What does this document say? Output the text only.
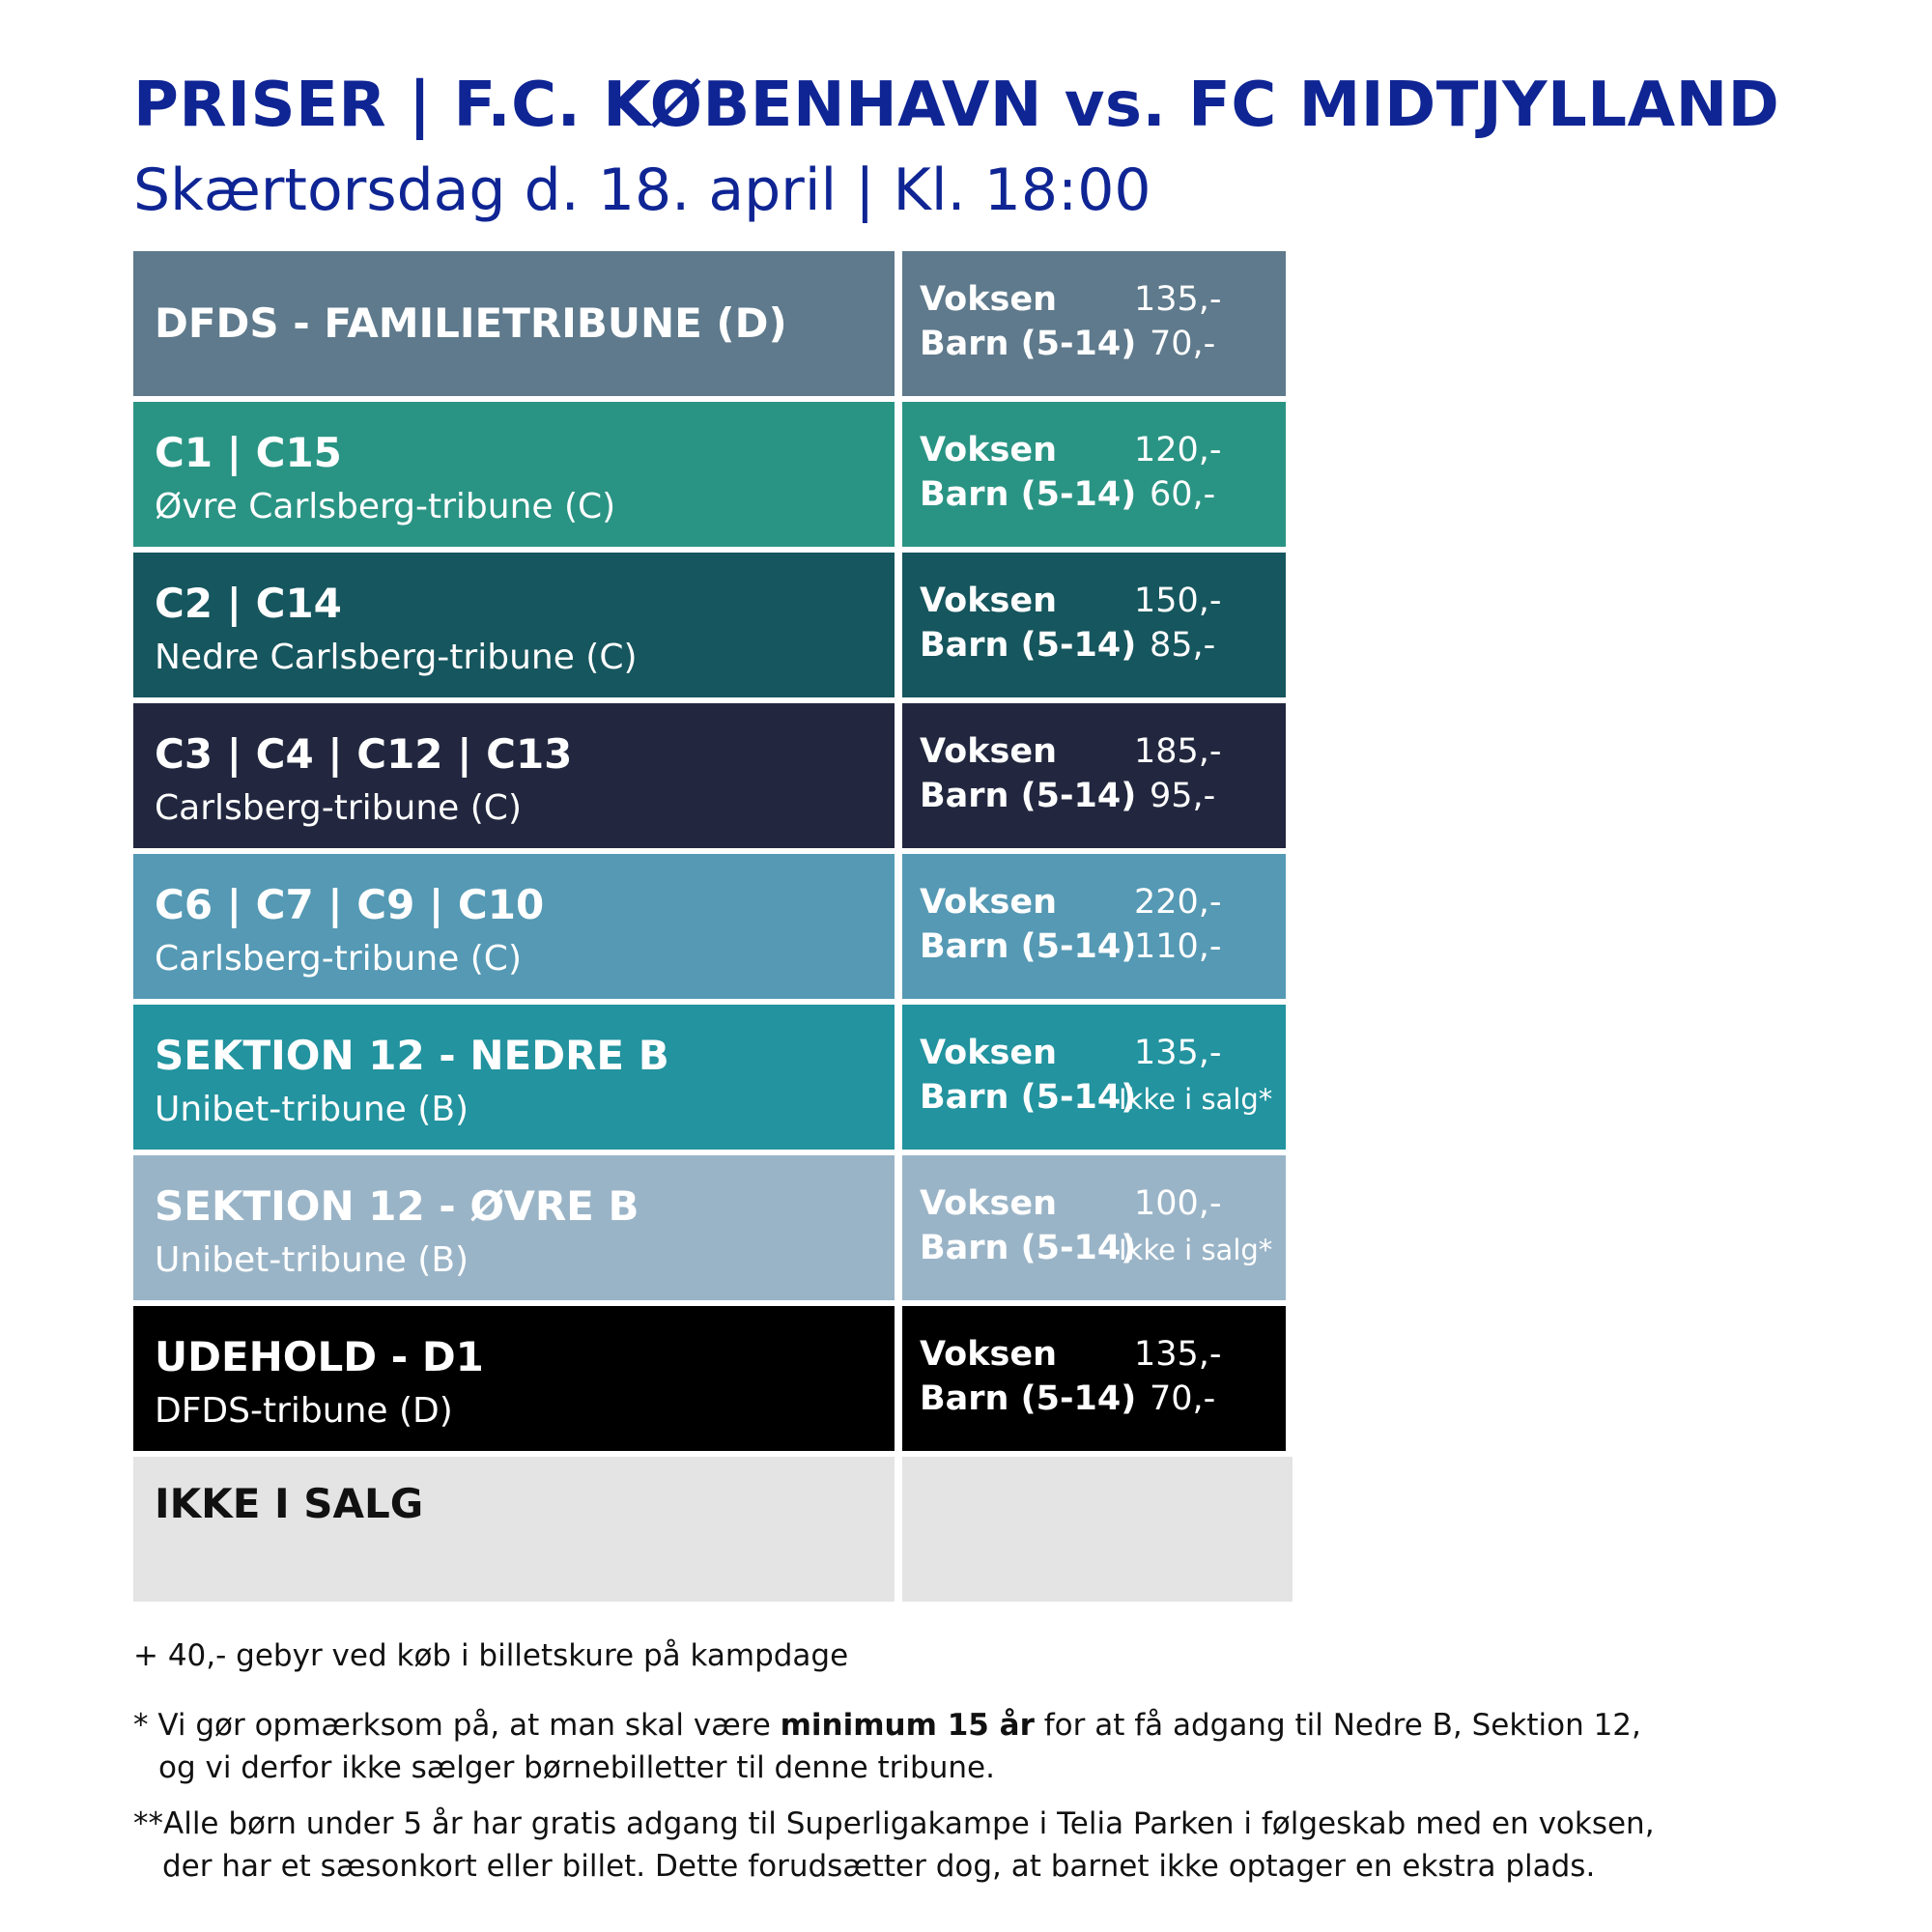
PRISER | F.C. KØBENHAVN vs. FC MIDTJYLLAND
Skærtorsdag d. 18. april | Kl. 18:00
DFDS - FAMILIETRIBUNE (D)	Voksen 135,-
Barn (5-14) 70,-
C1 | C15
Øvre Carlsberg-tribune (C)
Voksen 120,-
Barn (5-14) 60,-
C2 | C14
Nedre Carlsberg-tribune (C)
Voksen 150,-
Barn (5-14) 85,-
C3 | C4 | C12 | C13
Carlsberg-tribune (C)
Voksen 185,-
Barn (5-14) 95,-
C6 | C7 | C9 | C10
Carlsberg-tribune (C)
Voksen 220,-
Barn (5-14)
110,-
SEKTION 12 - NEDRE B
Unibet-tribune (B)
Voksen 135,-
Barn (5-14)
Ikke i salg*
SEKTION 12 - ØVRE B
Unibet-tribune (B)
Voksen 100,-
Barn (5-14)
Ikke i salg*
UDEHOLD - D1
DFDS-tribune (D)
Voksen 135,-
Barn (5-14) 70,-
IKKE I SALG
+ 40,- gebyr ved køb i billetskure på kampdage
* Vi gør opmærksom på, at man skal være minimum 15 år for at få adgang til Nedre B, Sektion 12,
og vi derfor ikke sælger børnebilletter til denne tribune.
**Alle børn under 5 år har gratis adgang til Superligakampe i Telia Parken i følgeskab med en voksen,
der har et sæsonkort eller billet. Dette forudsætter dog, at barnet ikke optager en ekstra plads.
